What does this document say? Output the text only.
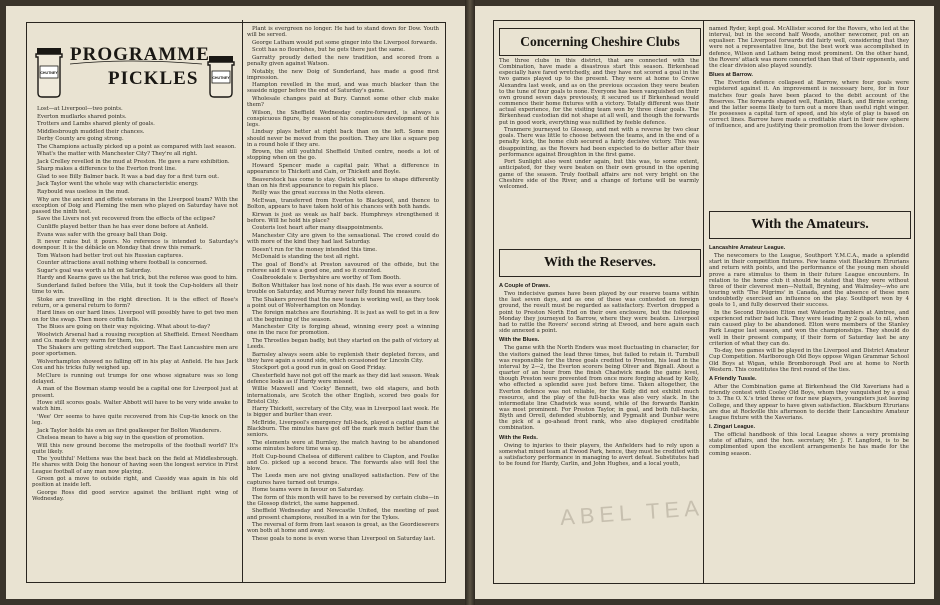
CHUTNEY
CHUTNEY
PROGRAMME
PICKLES

Lost—at Liverpool—two points.

Everton mudlarks shared points.

Trotters and Lambs shared plenty of goals.

Middlesbrough muddled their chances.

Derby County are going strong.

The Champions actually picked up a point as compared with last season.

What's the matter with Manchester City? They're all right.

Jack Crelley revelled in the mud at Preston. He gave a rare exhibition.

Sharp makes a difference to the Everton front line.

Glad to see Billy Balmer back. It was a bad day for a first turn out.

Jack Taylor went the whole way with characteristic energy.

Raybould was useless in the mud.

Why are the ancient and effete veterans in the Liverpool team? With the exception of Doig and Fleming the men who played on Saturday have not passed the ninth test.

Save the Livers not yet recovered from the effects of the eclipse?

Cunliffe played better than he has ever done before at Anfield.

Evans was safer with the greasy ball than Doig.

It never rains but it pours. No reference is intended to Saturday's downpour. It is the débâcle on Monday that drew this remark.

Tom Watson had better trot out his Russian captures.

Counter attractions avail nothing where football is concerned.

Sugar's goal was worth a hit on Saturday.

Hardy and Kearns gave us the hat trick, but the referee was good to him.

Sunderland failed before the Villa, but it took the Cup-holders all their time to win.

Stoke are travelling in the right direction. It is the effect of Rose's return, or a general return to form?

Hard lines on our hard lines. Liverpool will possibly have to get two men on for the swap. Then more coffin falls.

The Blues are going on their way rejoicing. What about to-day?

Woolwich Arsenal had a rousing reception at Sheffield. Ernest Needham and Co. made it very warm for them, too.

The Shakers are getting stretched support. The East Lancashire men are poor sportsmen.

Wolverhampton showed no falling off in his play at Anfield. He has Jack Cox and his tricks fully weighed up.

McClure is running out trumps for one whose signature was so long delayed.

A man of the Bowman stamp would be a capital one for Liverpool just at present.

Howe still scores goals. Walter Abbott will have to be very wide awake to watch him.

'Wee' Orr seems to have quite recovered from his Cup-tie knock on the leg.

Jack Taylor holds his own as first goalkeeper for Bolton Wanderers.

Chelsea mean to have a big say in the question of promotion.

Will this new ground become the metropolis of the football world? It's quite likely.

The 'youthful' Mettens was the best back on the field at Middlesbrough. He shares with Doig the honour of having seen the longest service in First League football of any man now playing.

Green got a move to outside right, and Cassidy was again in his old position at inside left.

George Ross did good service against the brilliant right wing of Wednesday.

Plant is evergreen no longer. He had to stand down for Dow. Youth will be served.

George Latham would put some ginger into the Liverpool forwards.

Scott has no flourishes, but he gets there just the same.

Garratty proudly defied the new tradition, and scored from a penalty given against Watson.

Notably, the new Doig of Sunderland, has made a good first impression.

Hampton revelled in the mud, and was much blacker than the seaside nigger before the end of Saturday's game.

Wholesale changes paid at Bury. Cannot some other club make them?

Wilson, the Sheffield Wednesday centre-forward, is always a conspicuous figure, by reason of his conspicuous development of his legs.

Lindsay plays better at right back than on the left. Some men should never be moved from the position. They are like a square peg in a round hole if they are.

Brown, the still youthful Sheffield United centre, needs a lot of stopping when on the go.

Howard Spencer made a capital pair. What a difference in appearance to Thickett and Cain, or Thickett and Boyle.

Beaverstock has come to stay. Ostick will have to shape differently than on his first appearance to regain his place.

Reilly was the great success in the Notts eleven.

McEwan, transferred from Everton to Blackpool, and thence to Bolton, appears to have taken hold of his chances with both hands.

Kirwan is just as weak as half back. Humphreys strengthened it before. Will he hold his place?

Couteris lost heart after many disappointments.

Manchester City are given to the sensational. The crowd could do with more of the kind they had last Saturday.

Doesn't run for the money intended this time.

McDonald is standing the test all right.

The goal of Bond's at Preston savoured of the offside, but the referee said it was a good one, and so it counted.

Coalbrookdale v. Derbyshire are worthy of Tom Booth.

Bolton Whittaker has lost none of his dash. He was ever a source of trouble on Saturday, and Murray never fully found his measure.

The Shakers proved that the new team is working well, as they took a point out of Wolverhampton on Monday.

The foreign matches are flourishing. It is just as well to get in a few at the beginning of the season.

Manchester City is forging ahead, winning every post a winning one in the race for promotion.

The Throstles began badly, but they started on the path of victory at Leeds.

Barnsley always seem able to replenish their depleted forces, and they have again a sound side, which occasioned for Lincoln City.

Stockport got a good run in goal on Good Friday.

Chesterfield have not got off the mark as they did last season. Weak defence looks as if Hardy were missed.

Willie Maxwell and 'Cocky' Bennett, two old stagers, and both internationals, are Scotch the other English, scored two goals for Bristol City.

Harry Thickett, secretary of the City, was in Liverpool last week. He is bigger and burlier than ever.

McBride, Liverpool's emergency full-back, played a capital game at Blackburn. The minutes have got off the mark much better than the seniors.

The elements were at Burnley, the match having to be abandoned some minutes before time was up.

Holt Cup-bound Chelsea of different calibre to Clapton, and Foulke and Co. picked up a second brace. The forwards also will feel the blow.

The Leeds men are not giving unalloyed satisfaction. Few of the captures have turned out trumps.

Home teams were in favour on Saturday.

The form of this month will have to be reversed by certain clubs—in the Glossop district, the same happened.

Sheffield Wednesday and Newcastle United, the meeting of past and present champions, resulted in a win for the Tykes.

The reversal of form from last season is great, as the Geordiesevers won both at home and away.

These goals to none is even worse than Liverpool on Saturday last.

Concerning Cheshire Clubs

The three clubs in this district, that are connected with the Combination, have made a disastrous start this season. Birkenhead especially have fared wretchedly, and they have not scored a goal in the two games played up to the present. They were at home to Crewe Alexandra last week, and as on the previous occasion they were beaten to the tune of four goals to none. Everyone has been vanquished on their own ground seven days previously, it secured us if Birkenhead would commence their home fixtures with a victory. Totally different was their actual experience, for the visiting team won by three clear goals. The Birkenhead custodian did not shape at all well, and though the forwards put in good work, everything was nullified by feeble defence.

Tranmere journeyed to Glossop, and met with a reverse by two clear goals. There was little to choose between the teams, and in the end of a penalty kick, the home club secured a fairly decisive victory. This was disappointing, as the Rovers had been expected to do better after their performance against Broughton in the first game.

Port Sunlight also went under again, but this was, to some extent, anticipated, for they were beaten on their own ground in the opening game of the season. Truly football affairs are not very bright on the Cheshire side of the River, and a change of fortune will be warmly welcomed.

With the Reserves.
A Couple of Draws.

Two indecisive games have been played by our reserve teams within the last seven days, and as one of these was contested on foreign ground, the result must be regarded as satisfactory. Everton dropped a point to Preston North End on their own enclosure, but the following Monday they journeyed to Barrow, where they were beaten. Liverpool had to rattle the Rovers' second string at Ewood, and here again each side annexed a point.

With the Blues.

The game with the North Enders was most fluctuating in character, for the visitors gained the lead three times, but failed to retain it. Turnbull was responsible for the three goals credited to Preston, his lead in the interval by 2—2, the Everton scorers being Oliver and Bignall. About a quarter of an hour from the finish Chadwick made the game level, though Preston were prevented from once more forging ahead by Kelly, who effected a splendid save just before time. Taken altogether, the Everton defence was not reliable, for the Kelly did not exhibit much resource, and the play of the full-backs was also very slack. In the intermediate line Chadwick was sound, while of the forwards Rankin was most prominent. For Preston Taylor, in goal, and both full-backs, Blyth and Orrell, defended stubbornly, and Pygmalit and Dunbar were the pick of a go-ahead front rank, who also displayed creditable combination.

With the Reds.

Owing to injuries to their players, the Anfielders had to rely upon a somewhat mixed team at Ewood Park, hence, they must be credited with a satisfactory performance in managing to avert defeat. Substitutes had to be found for Hardy, Carlin, and John Hughes, and a local youth,

named Ryder, kept goal. McAllister scored for the Rovers, who led at the interval, but in the second half Woods, another newcomer, put on an equaliser. The Liverpool forwards did fairly well, considering that they were not a representative line, but the best work was accomplished in defence, Wilson and Latham being most prominent. On the other hand, the Rovers' attack was more concerted than that of their opponents, and the clear division also played soundly.

Blues at Barrow.

The Everton defence collapsed at Barrow, where four goals were registered against it. An improvement is necessary here, for in four matches four goals have been placed to the debit account of the Reserves. The forwards shaped well, Rankin, Black, and Birnie scoring, and the latter seems likely to turn out a more than useful right winger. He possesses a capital turn of speed, and his style of play is based on correct lines. Barrow have made a creditable start in their new sphere of influence, and are justifying their promotion from the lower division.

With the Amateurs.
Lancashire Amateur League.

The newcomers to the League, Southport Y.M.C.A., made a splendid start in their competition fixtures. Few teams visit Blackburn Etrurians and return with points, and the performance of the young men should prove a rare stimulus to them in their future League encounters. In relation to the home club it should be stated that they were without three of their cleverest men—Nuttall, Bryning, and Walmsley—who are touring with 'The Pilgrims' in Canada, and the absence of these men undoubtedly exercised an influence on the play. Southport won by 4 goals to 1, and fully deserved their success.

In the Second Division Elton met Waterloo Ramblers at Aintree, and experienced rather bad luck. They were leading by 2 goals to nil, when rain caused play to be abandoned. Elton were members of the Stanley Park League last season, and won the championships. They should do well in their present company, if their form of Saturday last be any criterion of what they can do.

To-day, two games will be played in the Liverpool and District Amateur Cup Competition. Marlborough Old Boys oppose Wigan Grammar School Old Boys at Wigan, while Bromborough Pool are at home to North Western. This constitutes the first round of the ties.

A Friendly Tussle.

After the Combination game at Birkenhead the Old Xaverians had a friendly contest with Cooley Old Boys, whom they vanquished by a goal to 3. The O. X.'s tried three or four new players, youngsters just leaving College, and they appear to have given satisfaction. Blackburn Etrurians are due at Rockville this afternoon to decide their Lancashire Amateur League fixture with the Xaverians.

I. Zingari League.

The official handbook of this local League shows a very promising state of affairs, and the hon. secretary, Mr. J. F. Langford, is to be complimented upon the excellent arrangements he has made for the coming season.

ABEL TEA
